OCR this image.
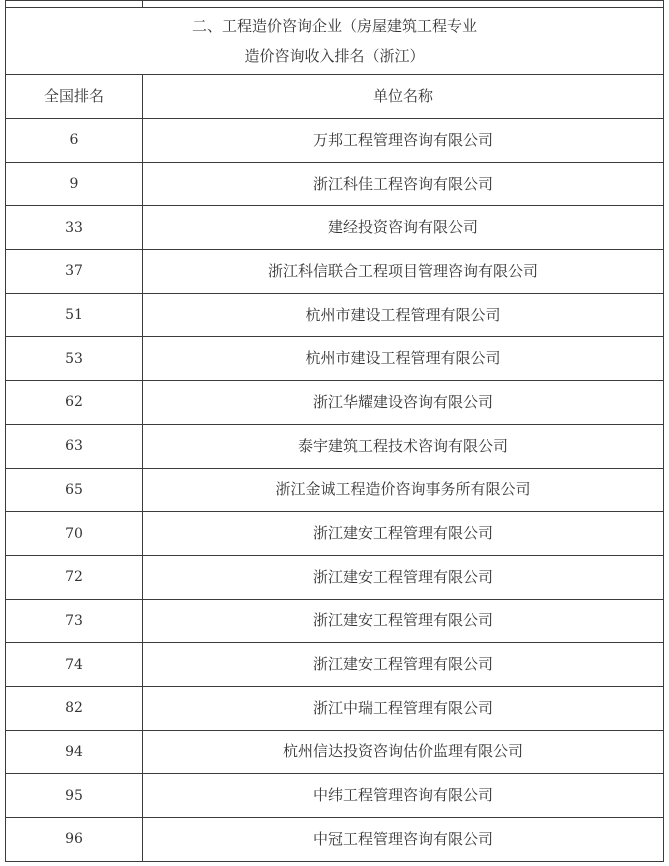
二、工程造价咨询企业（房屋建筑工程专业
造价咨询收入排名（浙江）	

全国排名	单位名称
6	万邦工程管理咨询有限公司
9	浙江科佳工程咨询有限公司
33	建经投资咨询有限公司
37	浙江科信联合工程项目管理咨询有限公司
51	杭州市建设工程管理有限公司
53	杭州市建设工程管理有限公司
62	浙江华耀建设咨询有限公司
63	泰宇建筑工程技术咨询有限公司
65	浙江金诚工程造价咨询事务所有限公司
70	浙江建安工程管理有限公司
72	浙江建安工程管理有限公司
73	浙江建安工程管理有限公司
74	浙江建安工程管理有限公司
82	浙江中瑞工程管理有限公司
94	杭州信达投资咨询估价监理有限公司
95	中纬工程管理咨询有限公司
96	中冠工程管理咨询有限公司
